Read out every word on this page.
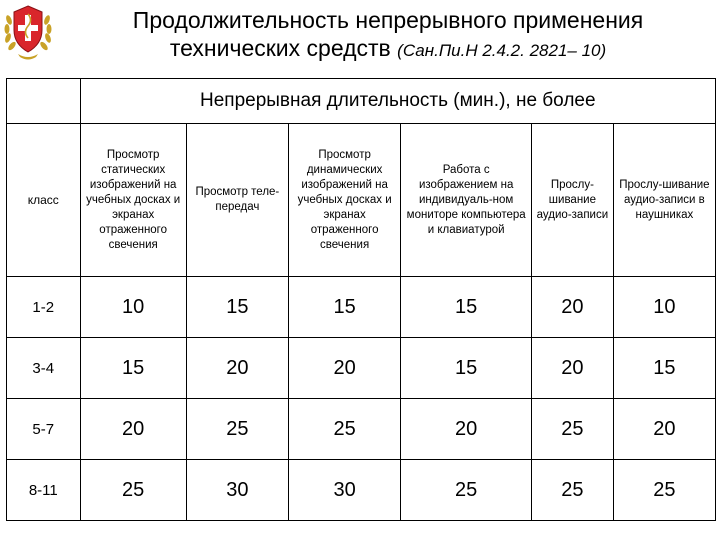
Продолжительность непрерывного применения
технических средств (Сан.Пи.Н 2.4.2. 2821– 10)
	Непрерывная длительность (мин.), не более					
класс	Просмотр статических изображений на учебных досках и экранах отраженного свечения	Просмотр теле-передач	Просмотр динамических изображений на учебных досках и экранах отраженного свечения	Работа с изображением на индивидуаль-ном мониторе компьютера и клавиатурой	Прослу-шивание аудио-записи	Прослу-шивание аудио-записи в наушниках
1-2	10	15	15	15	20	10
3-4	15	20	20	15	20	15
5-7	20	25	25	20	25	20
8-11	25	30	30	25	25	25
